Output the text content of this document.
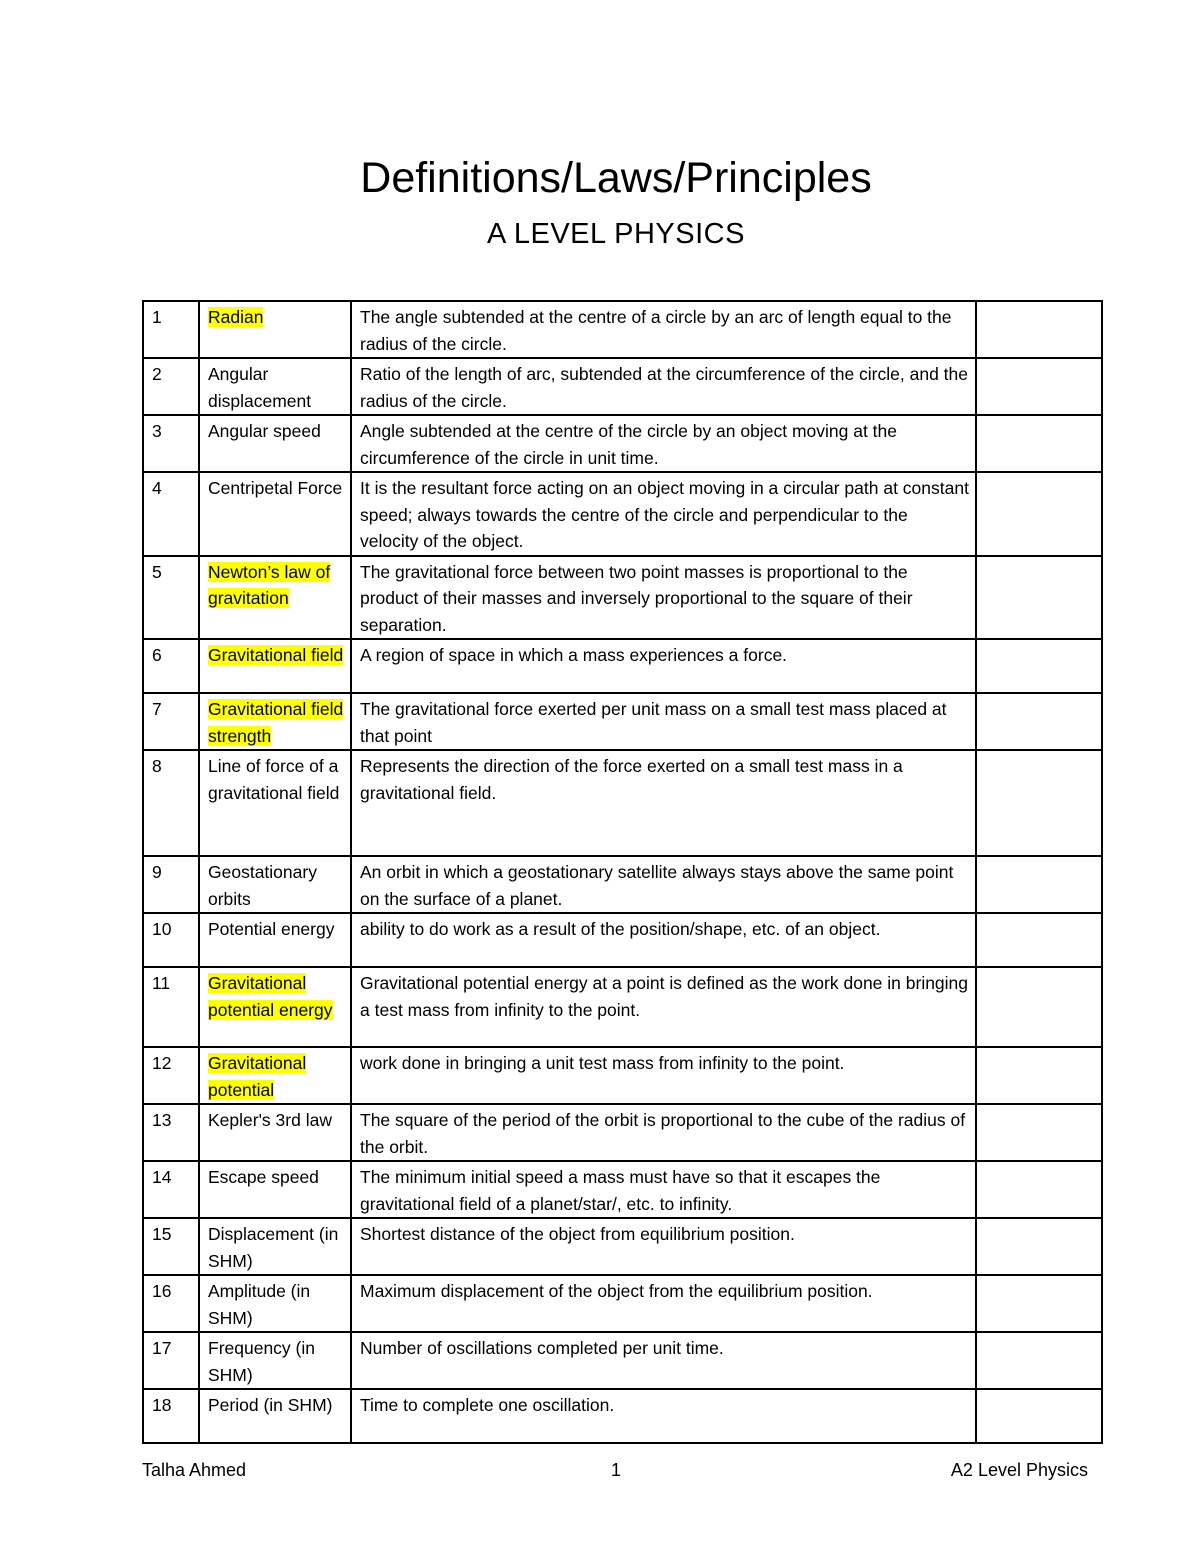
Definitions/Laws/Principles
A LEVEL PHYSICS
1	Radian	The angle subtended at the centre of a circle by an arc of length equal to the radius of the circle.	
2	Angular displacement	Ratio of the length of arc, subtended at the circumference of the circle, and the radius of the circle.	
3	Angular speed	Angle subtended at the centre of the circle by an object moving at the circumference of the circle in unit time.	
4	Centripetal Force	It is the resultant force acting on an object moving in a circular path at constant speed; always towards the centre of the circle and perpendicular to the velocity of the object.	
5	Newton’s law of gravitation	The gravitational force between two point masses is proportional to the product of their masses and inversely proportional to the square of their separation.	
6	Gravitational field	A region of space in which a mass experiences a force.	
7	Gravitational field strength	The gravitational force exerted per unit mass on a small test mass placed at that point	
8	Line of force of a gravitational field	Represents the direction of the force exerted on a small test mass in a gravitational field.	
9	Geostationary orbits	An orbit in which a geostationary satellite always stays above the same point on the surface of a planet.	
10	Potential energy	ability to do work as a result of the position/shape, etc. of an object.	
11	Gravitational potential energy	Gravitational potential energy at a point is defined as the work done in bringing a test mass from infinity to the point.	
12	Gravitational potential	work done in bringing a unit test mass from infinity to the point.	
13	Kepler's 3rd law	The square of the period of the orbit is proportional to the cube of the radius of the orbit.	
14	Escape speed	The minimum initial speed a mass must have so that it escapes the gravitational field of a planet/star/, etc. to infinity.	
15	Displacement (in SHM)	Shortest distance of the object from equilibrium position.	
16	Amplitude (in SHM)	Maximum displacement of the object from the equilibrium position.	
17	Frequency (in SHM)	Number of oscillations completed per unit time.	
18	Period (in SHM)	Time to complete one oscillation.	
Talha Ahmed	1	A2 Level Physics
